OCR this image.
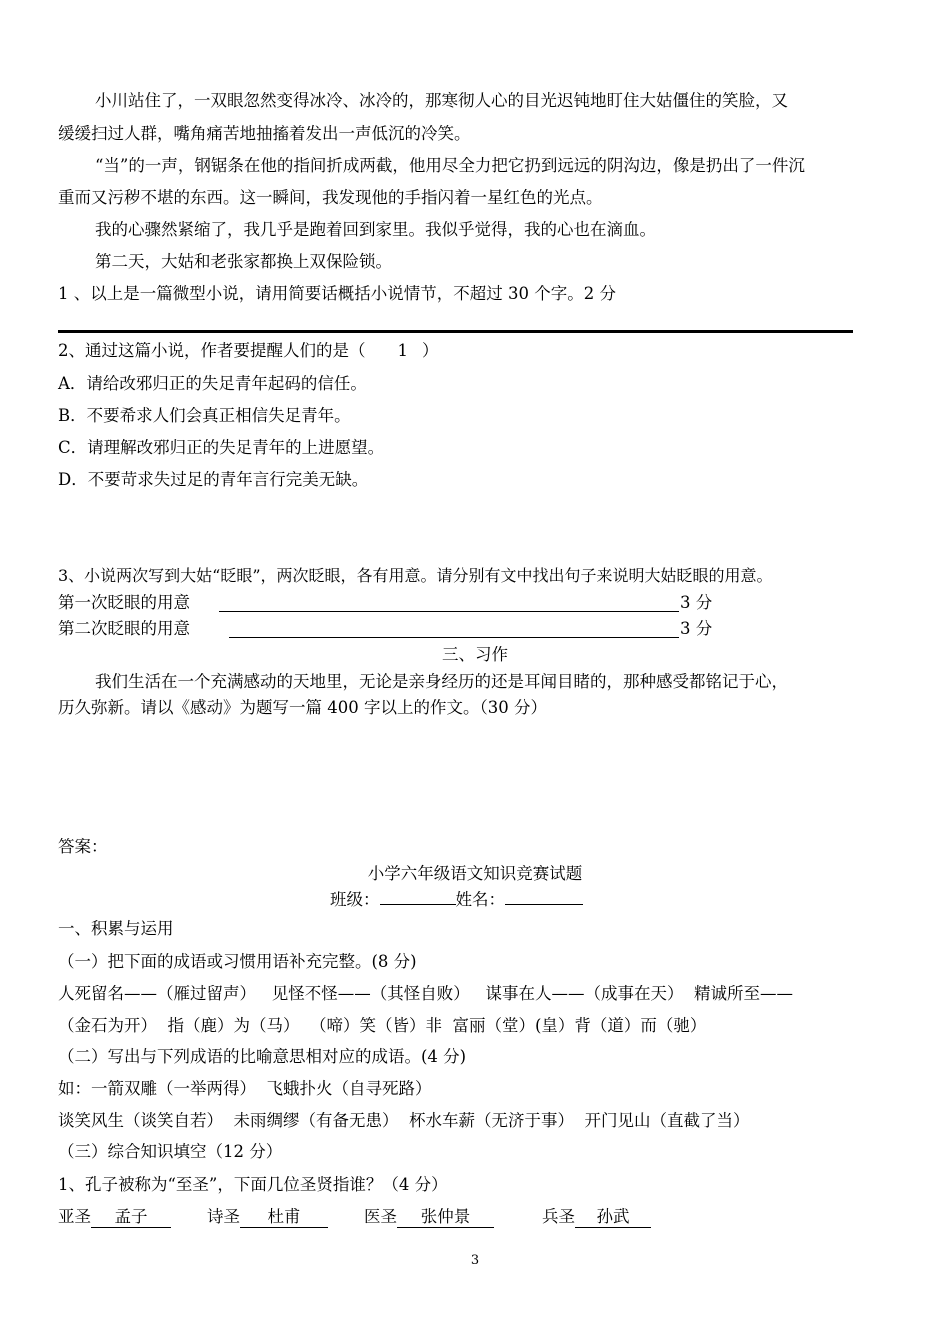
小川站住了，一双眼忽然变得冰冷、冰冷的，那寒彻人心的目光迟钝地盯住大姑僵住的笑脸，又
缓缓扫过人群，嘴角痛苦地抽搐着发出一声低沉的冷笑。
“当”的一声，钢锯条在他的指间折成两截，他用尽全力把它扔到远远的阴沟边，像是扔出了一件沉
重而又污秽不堪的东西。这一瞬间，我发现他的手指闪着一星红色的光点。
我的心骤然紧缩了，我几乎是跑着回到家里。我似乎觉得，我的心也在滴血。
第二天，大姑和老张家都换上双保险锁。
1 、以上是一篇微型小说，请用简要话概括小说情节，不超过 30 个字。2 分
2、通过这篇小说，作者要提醒人们的是（ 1 ）
A．请给改邪归正的失足青年起码的信任。
B．不要希求人们会真正相信失足青年。
C．请理解改邪归正的失足青年的上进愿望。
D．不要苛求失过足的青年言行完美无缺。
3、小说两次写到大姑“眨眼”，两次眨眼，各有用意。请分别有文中找出句子来说明大姑眨眼的用意。
第一次眨眼的用意	3 分
第二次眨眼的用意	3 分
三、习作
我们生活在一个充满感动的天地里，无论是亲身经历的还是耳闻目睹的，那种感受都铭记于心，
历久弥新。请以《感动》为题写一篇 400 字以上的作文。（30 分）
答案：
小学六年级语文知识竞赛试题
班级：	姓名：
一、积累与运用
（一）把下面的成语或习惯用语补充完整。(8 分)
人死留名——（雁过留声）   见怪不怪——（其怪自败）   谋事在人——（成事在天）  精诚所至——
（金石为开）  指（鹿）为（马）  （啼）笑（皆）非  富丽（堂）(皇）背（道）而（驰）
（二）写出与下列成语的比喻意思相对应的成语。(4 分)
如：一箭双雕（一举两得）  飞蛾扑火（自寻死路）
谈笑风生（谈笑自若）  未雨绸缪（有备无患）  杯水车薪（无济于事）  开门见山（直截了当）
（三）综合知识填空（12 分）
1、孔子被称为“至圣”，下面几位圣贤指谁？（4 分）
亚圣 孟子	诗圣 杜甫	医圣 张仲景	兵圣 孙武
3
